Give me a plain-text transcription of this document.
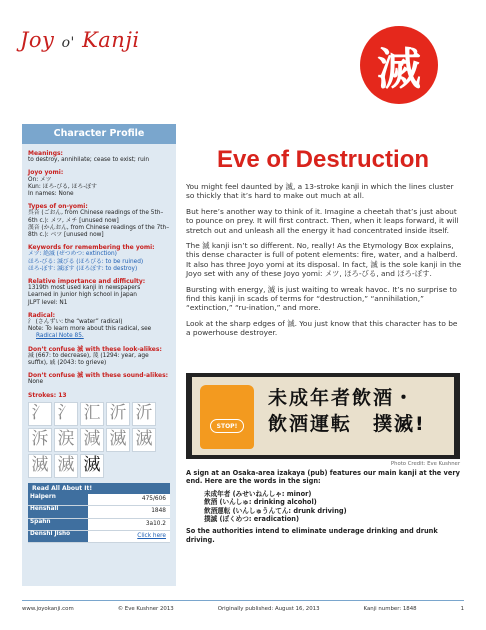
Joy o' Kanji
滅
Character Profile
Meanings:
to destroy, annihilate; cease to exist; ruin
Joyo yomi:
On: メツ
Kun: ほろ-びる, ほろ-ぼす
In names: None
Types of on-yomi:
呉音 (ごおん, from Chinese readings of the 5th–6th c.): メツ, メチ [unused now]
漢音 (かんおん, from Chinese readings of the 7th–8th c.): ベツ [unused now]
Keywords for remembering the yomi:
メツ: 絶滅 (ぜつめつ: extinction)
ほろ-びる: 滅びる (ほろびる: to be ruined)
ほろ-ぼす: 滅ぼす (ほろぼす: to destroy)
Relative importance and difficulty:
1319th most used kanji in newspapers
Learned in junior high school in Japan
JLPT level: N1
Radical:
氵 (さんずい: the “water” radical)
Note: To learn more about this radical, see
Radical Note 85.
Don’t confuse 滅 with these look-alikes:
減 (667: to decrease), 蔑 (1294: year, age suffix), 戚 (2043: to grieve)
Don’t confuse 滅 with these sound-alikes:
None
Strokes: 13
氵 氵 汇 沂 沂
泝 涙 減 滅 滅
滅 滅 滅
Read All About It!
Halpern	475/606
Henshall	1848
Spahn	3a10.2
Denshi Jisho	Click here
Eve of Destruction

You might feel daunted by 滅, a 13-stroke kanji in which the lines cluster so thickly that it’s hard to make out much at all.

But here’s another way to think of it. Imagine a cheetah that’s just about to pounce on prey. It will first contract. Then, when it leaps forward, it will stretch out and unleash all the energy it had concentrated inside itself.

The 滅 kanji isn’t so different. No, really! As the Etymology Box explains, this dense character is full of potent elements: fire, water, and a halberd. It also has three Joyo yomi at its disposal. In fact, 滅 is the sole kanji in the Joyo set with any of these Joyo yomi: メツ, ほろ-びる, and ほろ-ぼす.

Bursting with energy, 滅 is just waiting to wreak havoc. It’s no surprise to find this kanji in scads of terms for “destruction,” “annihilation,” “extinction,” “ru-ination,” and more.

Look at the sharp edges of 滅. You just know that this character has to be a powerhouse destroyer.

STOP!
未成年者飲酒・
飲酒運転　撲滅!
Photo Credit: Eve Kushner
A sign at an Osaka-area izakaya (pub) features our main kanji at the very end. Here are the words in the sign:
未成年者 (みせいねんしゃ: minor)
飲酒 (いんしゅ: drinking alcohol)
飲酒運転 (いんしゅうんてん: drunk driving)
撲滅 (ぼくめつ: eradication)
So the authorities intend to eliminate underage drinking and drunk driving.
www.joyokanji.com	© Eve Kushner 2013	Originally published: August 16, 2013	Kanji number: 1848	1
